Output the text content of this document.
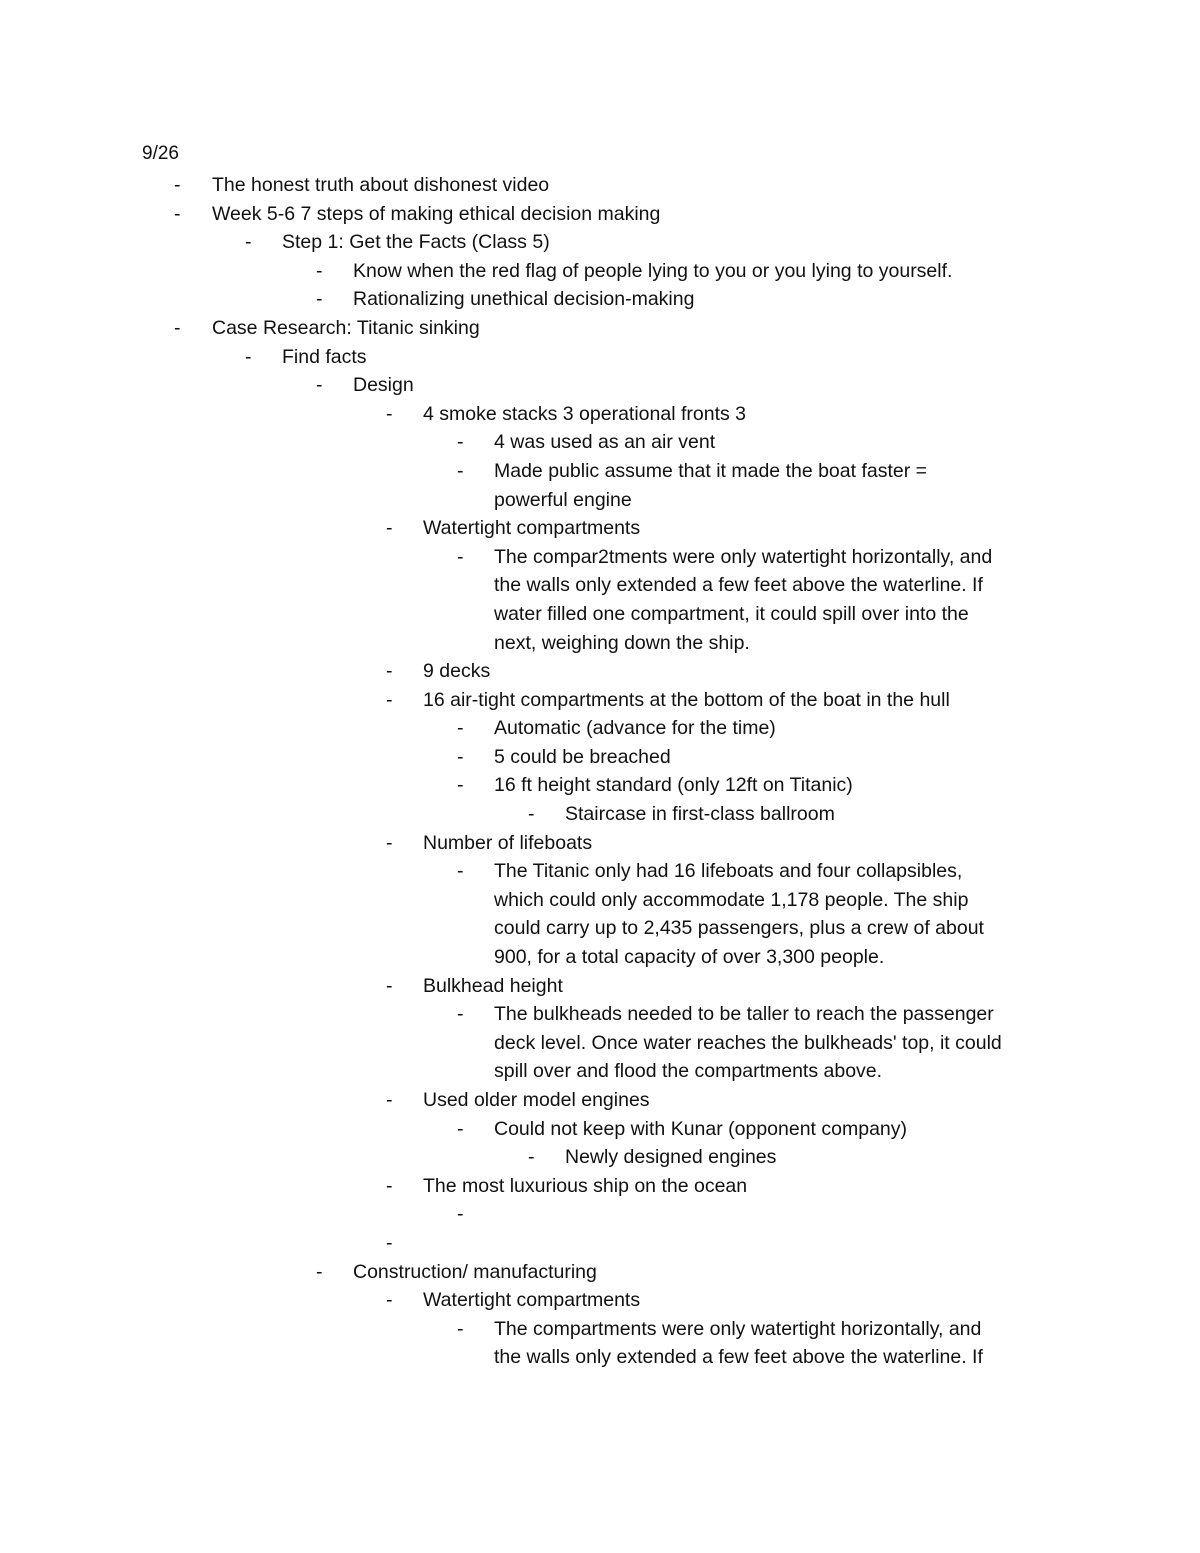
9/26
-	The honest truth about dishonest video
-	Week 5-6 7 steps of making ethical decision making
-	Step 1: Get the Facts (Class 5)
-	Know when the red flag of people lying to you or you lying to yourself.
-	Rationalizing unethical decision-making
-	Case Research: Titanic sinking
-	Find facts
-	Design
-	4 smoke stacks 3 operational fronts 3
-	4 was used as an air vent
-	Made public assume that it made the boat faster =
powerful engine
-	Watertight compartments
-	The compar2tments were only watertight horizontally, and
the walls only extended a few feet above the waterline. If
water filled one compartment, it could spill over into the
next, weighing down the ship.
-	9 decks
-	16 air-tight compartments at the bottom of the boat in the hull
-	Automatic (advance for the time)
-	5 could be breached
-	16 ft height standard (only 12ft on Titanic)
-	Staircase in first-class ballroom
-	Number of lifeboats
-	The Titanic only had 16 lifeboats and four collapsibles,
which could only accommodate 1,178 people. The ship
could carry up to 2,435 passengers, plus a crew of about
900, for a total capacity of over 3,300 people.
-	Bulkhead height
-	The bulkheads needed to be taller to reach the passenger
deck level. Once water reaches the bulkheads' top, it could
spill over and flood the compartments above.
-	Used older model engines
-	Could not keep with Kunar (opponent company)
-	Newly designed engines
-	The most luxurious ship on the ocean
-
-
-	Construction/ manufacturing
-	Watertight compartments
-	The compartments were only watertight horizontally, and
the walls only extended a few feet above the waterline. If
